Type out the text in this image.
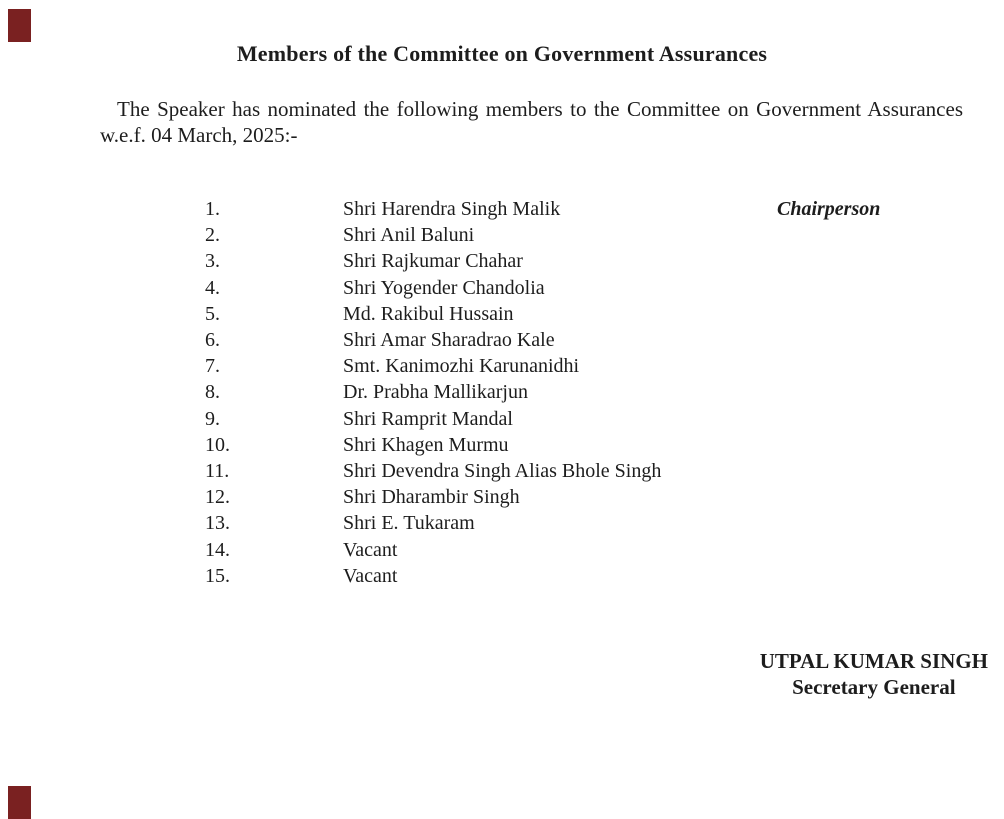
Members of the Committee on Government Assurances
The Speaker has nominated the following members to the Committee on Government Assurances
w.e.f. 04 March, 2025:-
1.	Shri Harendra Singh Malik	Chairperson
2.	Shri Anil Baluni
3.	Shri Rajkumar Chahar
4.	Shri Yogender Chandolia
5.	Md. Rakibul Hussain
6.	Shri Amar Sharadrao Kale
7.	Smt. Kanimozhi Karunanidhi
8.	Dr. Prabha Mallikarjun
9.	Shri Ramprit Mandal
10.	Shri Khagen Murmu
11.	Shri Devendra Singh Alias Bhole Singh
12.	Shri Dharambir Singh
13.	Shri E. Tukaram
14.	Vacant
15.	Vacant
UTPAL KUMAR SINGH
Secretary General
